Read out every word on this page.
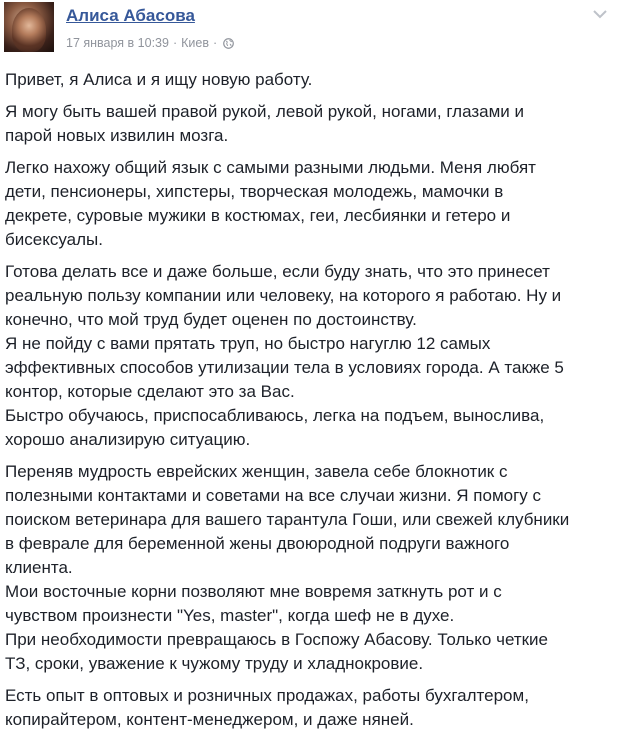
Алиса Абасова
17 января в 10:39 · Киев ·
Привет, я Алиса и я ищу новую работу.
Я могу быть вашей правой рукой, левой рукой, ногами, глазами и
парой новых извилин мозга.
Легко нахожу общий язык с самыми разными людьми. Меня любят
дети, пенсионеры, хипстеры, творческая молодежь, мамочки в
декрете, суровые мужики в костюмах, геи, лесбиянки и гетеро и
бисексуалы.
Готова делать все и даже больше, если буду знать, что это принесет
реальную пользу компании или человеку, на которого я работаю. Ну и
конечно, что мой труд будет оценен по достоинству.
Я не пойду с вами прятать труп, но быстро нагуглю 12 самых
эффективных способов утилизации тела в условиях города. А также 5
контор, которые сделают это за Вас.
Быстро обучаюсь, приспосабливаюсь, легка на подъем, вынослива,
хорошо анализирую ситуацию.
Переняв мудрость еврейских женщин, завела себе блокнотик с
полезными контактами и советами на все случаи жизни. Я помогу с
поиском ветеринара для вашего тарантула Гоши, или свежей клубники
в феврале для беременной жены двоюродной подруги важного
клиента.
Мои восточные корни позволяют мне вовремя заткнуть рот и с
чувством произнести "Yes, master", когда шеф не в духе.
При необходимости превращаюсь в Госпожу Абасову. Только четкие
ТЗ, сроки, уважение к чужому труду и хладнокровие.
Есть опыт в оптовых и розничных продажах, работы бухгалтером,
копирайтером, контент-менеджером, и даже няней.
